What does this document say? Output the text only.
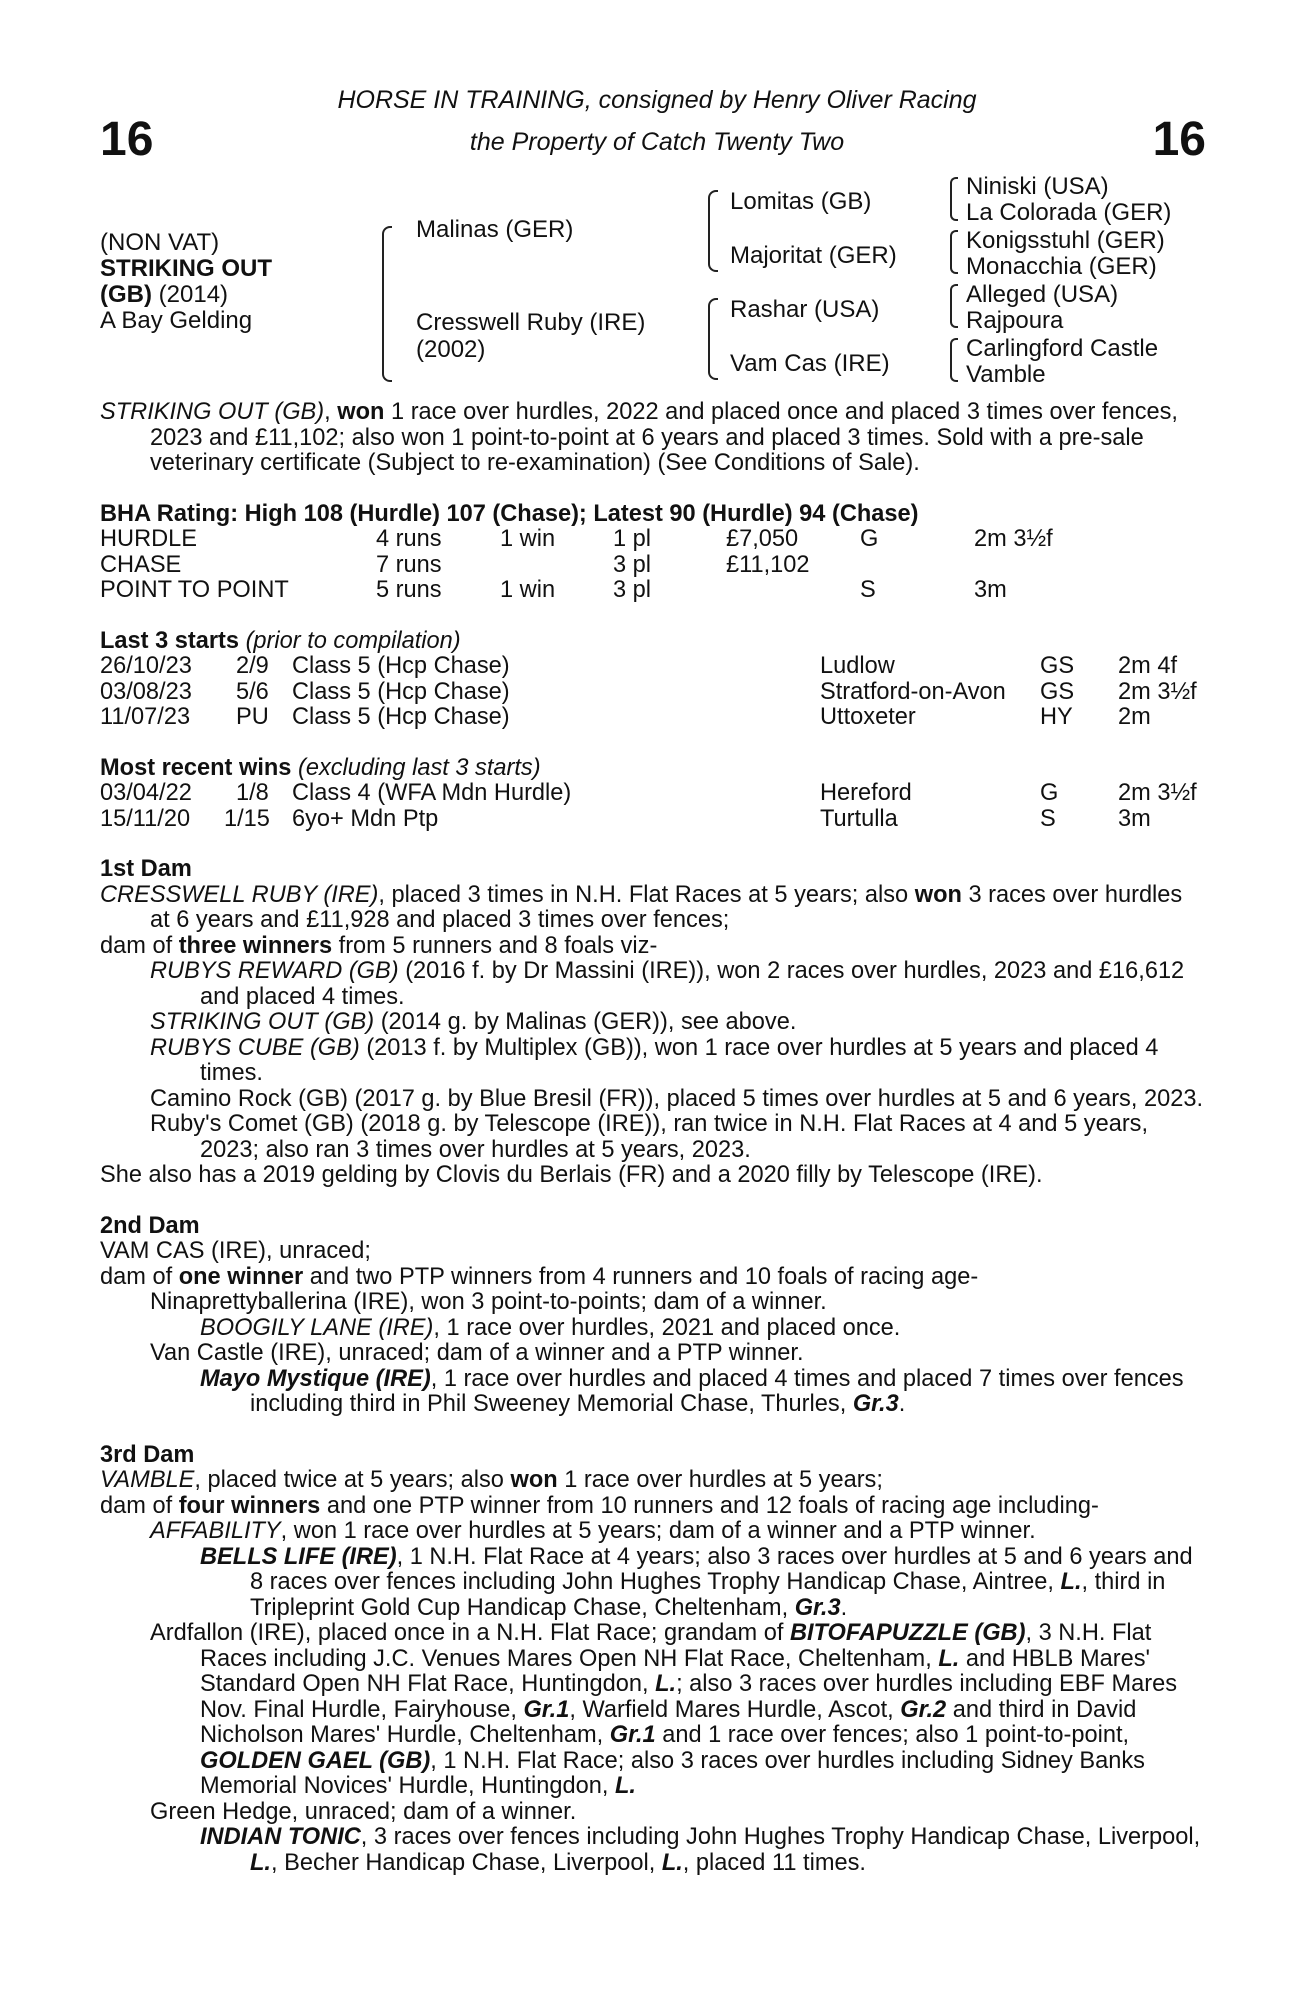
16	16
HORSE IN TRAINING, consigned by Henry Oliver Racing
the Property of Catch Twenty Two
(NON VAT)
STRIKING OUT
(GB) (2014)
A Bay Gelding
Malinas (GER)
Cresswell Ruby (IRE)
(2002)
Lomitas (GB)
Majoritat (GER)
Rashar (USA)
Vam Cas (IRE)
Niniski (USA)
La Colorada (GER)
Konigsstuhl (GER)
Monacchia (GER)
Alleged (USA)
Rajpoura
Carlingford Castle
Vamble

STRIKING OUT (GB), won 1 race over hurdles, 2022 and placed once and placed 3 times over fences, 2023 and £11,102; also won 1 point-to-point at 6 years and placed 3 times. Sold with a pre-sale veterinary certificate (Subject to re-examination) (See Conditions of Sale).

BHA Rating: High 108 (Hurdle) 107 (Chase); Latest 90 (Hurdle) 94 (Chase)

HURDLE	4 runs 1 win 1 pl	£7,050	G	2m 3½f
CHASE	7 runs	3 pl	£11,102
POINT TO POINT	5 runs 1 win 3 pl	S	3m

Last 3 starts (prior to compilation)

26/10/23 2/9 Class 5 (Hcp Chase)	Ludlow	GS 2m 4f
03/08/23 5/6 Class 5 (Hcp Chase)	Stratford-on-Avon GS 2m 3½f
11/07/23 PU Class 5 (Hcp Chase)	Uttoxeter	HY 2m

Most recent wins (excluding last 3 starts)

03/04/22 1/8 Class 4 (WFA Mdn Hurdle)	Hereford	G	2m 3½f
15/11/20 1/15 6yo+ Mdn Ptp	Turtulla	S	3m

1st Dam

CRESSWELL RUBY (IRE), placed 3 times in N.H. Flat Races at 5 years; also won 3 races over hurdles at 6 years and £11,928 and placed 3 times over fences;

dam of three winners from 5 runners and 8 foals viz-

RUBYS REWARD (GB) (2016 f. by Dr Massini (IRE)), won 2 races over hurdles, 2023 and £16,612 and placed 4 times.

STRIKING OUT (GB) (2014 g. by Malinas (GER)), see above.

RUBYS CUBE (GB) (2013 f. by Multiplex (GB)), won 1 race over hurdles at 5 years and placed 4 times.

Camino Rock (GB) (2017 g. by Blue Bresil (FR)), placed 5 times over hurdles at 5 and 6 years, 2023.

Ruby's Comet (GB) (2018 g. by Telescope (IRE)), ran twice in N.H. Flat Races at 4 and 5 years, 2023; also ran 3 times over hurdles at 5 years, 2023.

She also has a 2019 gelding by Clovis du Berlais (FR) and a 2020 filly by Telescope (IRE).

2nd Dam

VAM CAS (IRE), unraced;

dam of one winner and two PTP winners from 4 runners and 10 foals of racing age-

Ninaprettyballerina (IRE), won 3 point-to-points; dam of a winner.

BOOGILY LANE (IRE), 1 race over hurdles, 2021 and placed once.

Van Castle (IRE), unraced; dam of a winner and a PTP winner.

Mayo Mystique (IRE), 1 race over hurdles and placed 4 times and placed 7 times over fences including third in Phil Sweeney Memorial Chase, Thurles, Gr.3.

3rd Dam

VAMBLE, placed twice at 5 years; also won 1 race over hurdles at 5 years;

dam of four winners and one PTP winner from 10 runners and 12 foals of racing age including-

AFFABILITY, won 1 race over hurdles at 5 years; dam of a winner and a PTP winner.

BELLS LIFE (IRE), 1 N.H. Flat Race at 4 years; also 3 races over hurdles at 5 and 6 years and 8 races over fences including John Hughes Trophy Handicap Chase, Aintree, L., third in Tripleprint Gold Cup Handicap Chase, Cheltenham, Gr.3.

Ardfallon (IRE), placed once in a N.H. Flat Race; grandam of BITOFAPUZZLE (GB), 3 N.H. Flat Races including J.C. Venues Mares Open NH Flat Race, Cheltenham, L. and HBLB Mares' Standard Open NH Flat Race, Huntingdon, L.; also 3 races over hurdles including EBF Mares Nov. Final Hurdle, Fairyhouse, Gr.1, Warfield Mares Hurdle, Ascot, Gr.2 and third in David Nicholson Mares' Hurdle, Cheltenham, Gr.1 and 1 race over fences; also 1 point-to-point, GOLDEN GAEL (GB), 1 N.H. Flat Race; also 3 races over hurdles including Sidney Banks Memorial Novices' Hurdle, Huntingdon, L.

Green Hedge, unraced; dam of a winner.

INDIAN TONIC, 3 races over fences including John Hughes Trophy Handicap Chase, Liverpool, L., Becher Handicap Chase, Liverpool, L., placed 11 times.
